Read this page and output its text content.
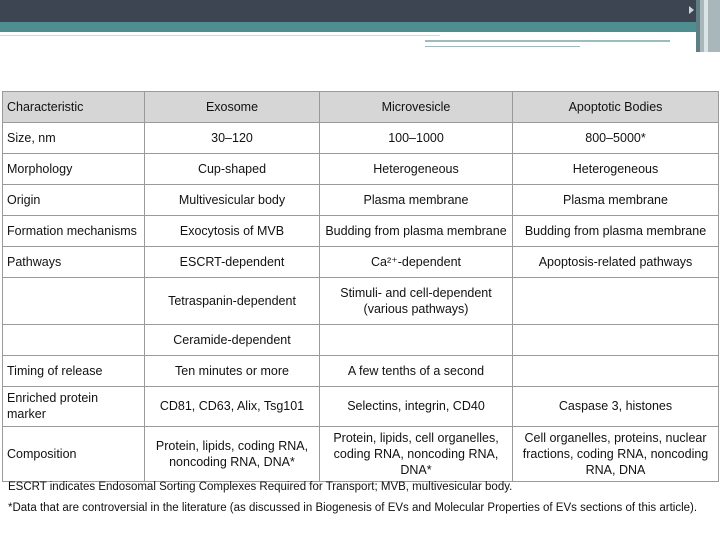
Characteristic	Exosome	Microvesicle	Apoptotic Bodies
Size, nm	30–120	100–1000	800–5000*
Morphology	Cup-shaped	Heterogeneous	Heterogeneous
Origin	Multivesicular body	Plasma membrane	Plasma membrane
Formation mechanisms	Exocytosis of MVB	Budding from plasma membrane	Budding from plasma membrane
Pathways	ESCRT-dependent	Ca²⁺-dependent	Apoptosis-related pathways
	Tetraspanin-dependent	Stimuli- and cell-dependent (various pathways)	
	Ceramide-dependent		
Timing of release	Ten minutes or more	A few tenths of a second	
Enriched protein marker	CD81, CD63, Alix, Tsg101	Selectins, integrin, CD40	Caspase 3, histones
Composition	Protein, lipids, coding RNA, noncoding RNA, DNA*	Protein, lipids, cell organelles, coding RNA, noncoding RNA, DNA*	Cell organelles, proteins, nuclear fractions, coding RNA, noncoding RNA, DNA
ESCRT indicates Endosomal Sorting Complexes Required for Transport; MVB, multivesicular body.
*Data that are controversial in the literature (as discussed in Biogenesis of EVs and Molecular Properties of EVs sections of this article).
